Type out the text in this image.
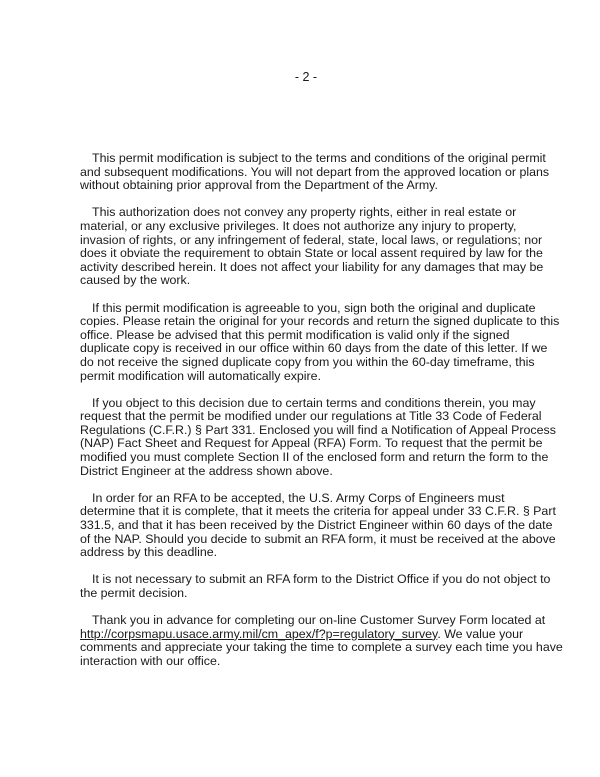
- 2 -
This permit modification is subject to the terms and conditions of the original permit
and subsequent modifications. You will not depart from the approved location or plans
without obtaining prior approval from the Department of the Army.
This authorization does not convey any property rights, either in real estate or
material, or any exclusive privileges. It does not authorize any injury to property,
invasion of rights, or any infringement of federal, state, local laws, or regulations; nor
does it obviate the requirement to obtain State or local assent required by law for the
activity described herein. It does not affect your liability for any damages that may be
caused by the work.
If this permit modification is agreeable to you, sign both the original and duplicate
copies. Please retain the original for your records and return the signed duplicate to this
office. Please be advised that this permit modification is valid only if the signed
duplicate copy is received in our office within 60 days from the date of this letter. If we
do not receive the signed duplicate copy from you within the 60-day timeframe, this
permit modification will automatically expire.
If you object to this decision due to certain terms and conditions therein, you may
request that the permit be modified under our regulations at Title 33 Code of Federal
Regulations (C.F.R.) § Part 331. Enclosed you will find a Notification of Appeal Process
(NAP) Fact Sheet and Request for Appeal (RFA) Form. To request that the permit be
modified you must complete Section II of the enclosed form and return the form to the
District Engineer at the address shown above.
In order for an RFA to be accepted, the U.S. Army Corps of Engineers must
determine that it is complete, that it meets the criteria for appeal under 33 C.F.R. § Part
331.5, and that it has been received by the District Engineer within 60 days of the date
of the NAP. Should you decide to submit an RFA form, it must be received at the above
address by this deadline.
It is not necessary to submit an RFA form to the District Office if you do not object to
the permit decision.
Thank you in advance for completing our on-line Customer Survey Form located at
http://corpsmapu.usace.army.mil/cm_apex/f?p=regulatory_survey. We value your
comments and appreciate your taking the time to complete a survey each time you have
interaction with our office.
